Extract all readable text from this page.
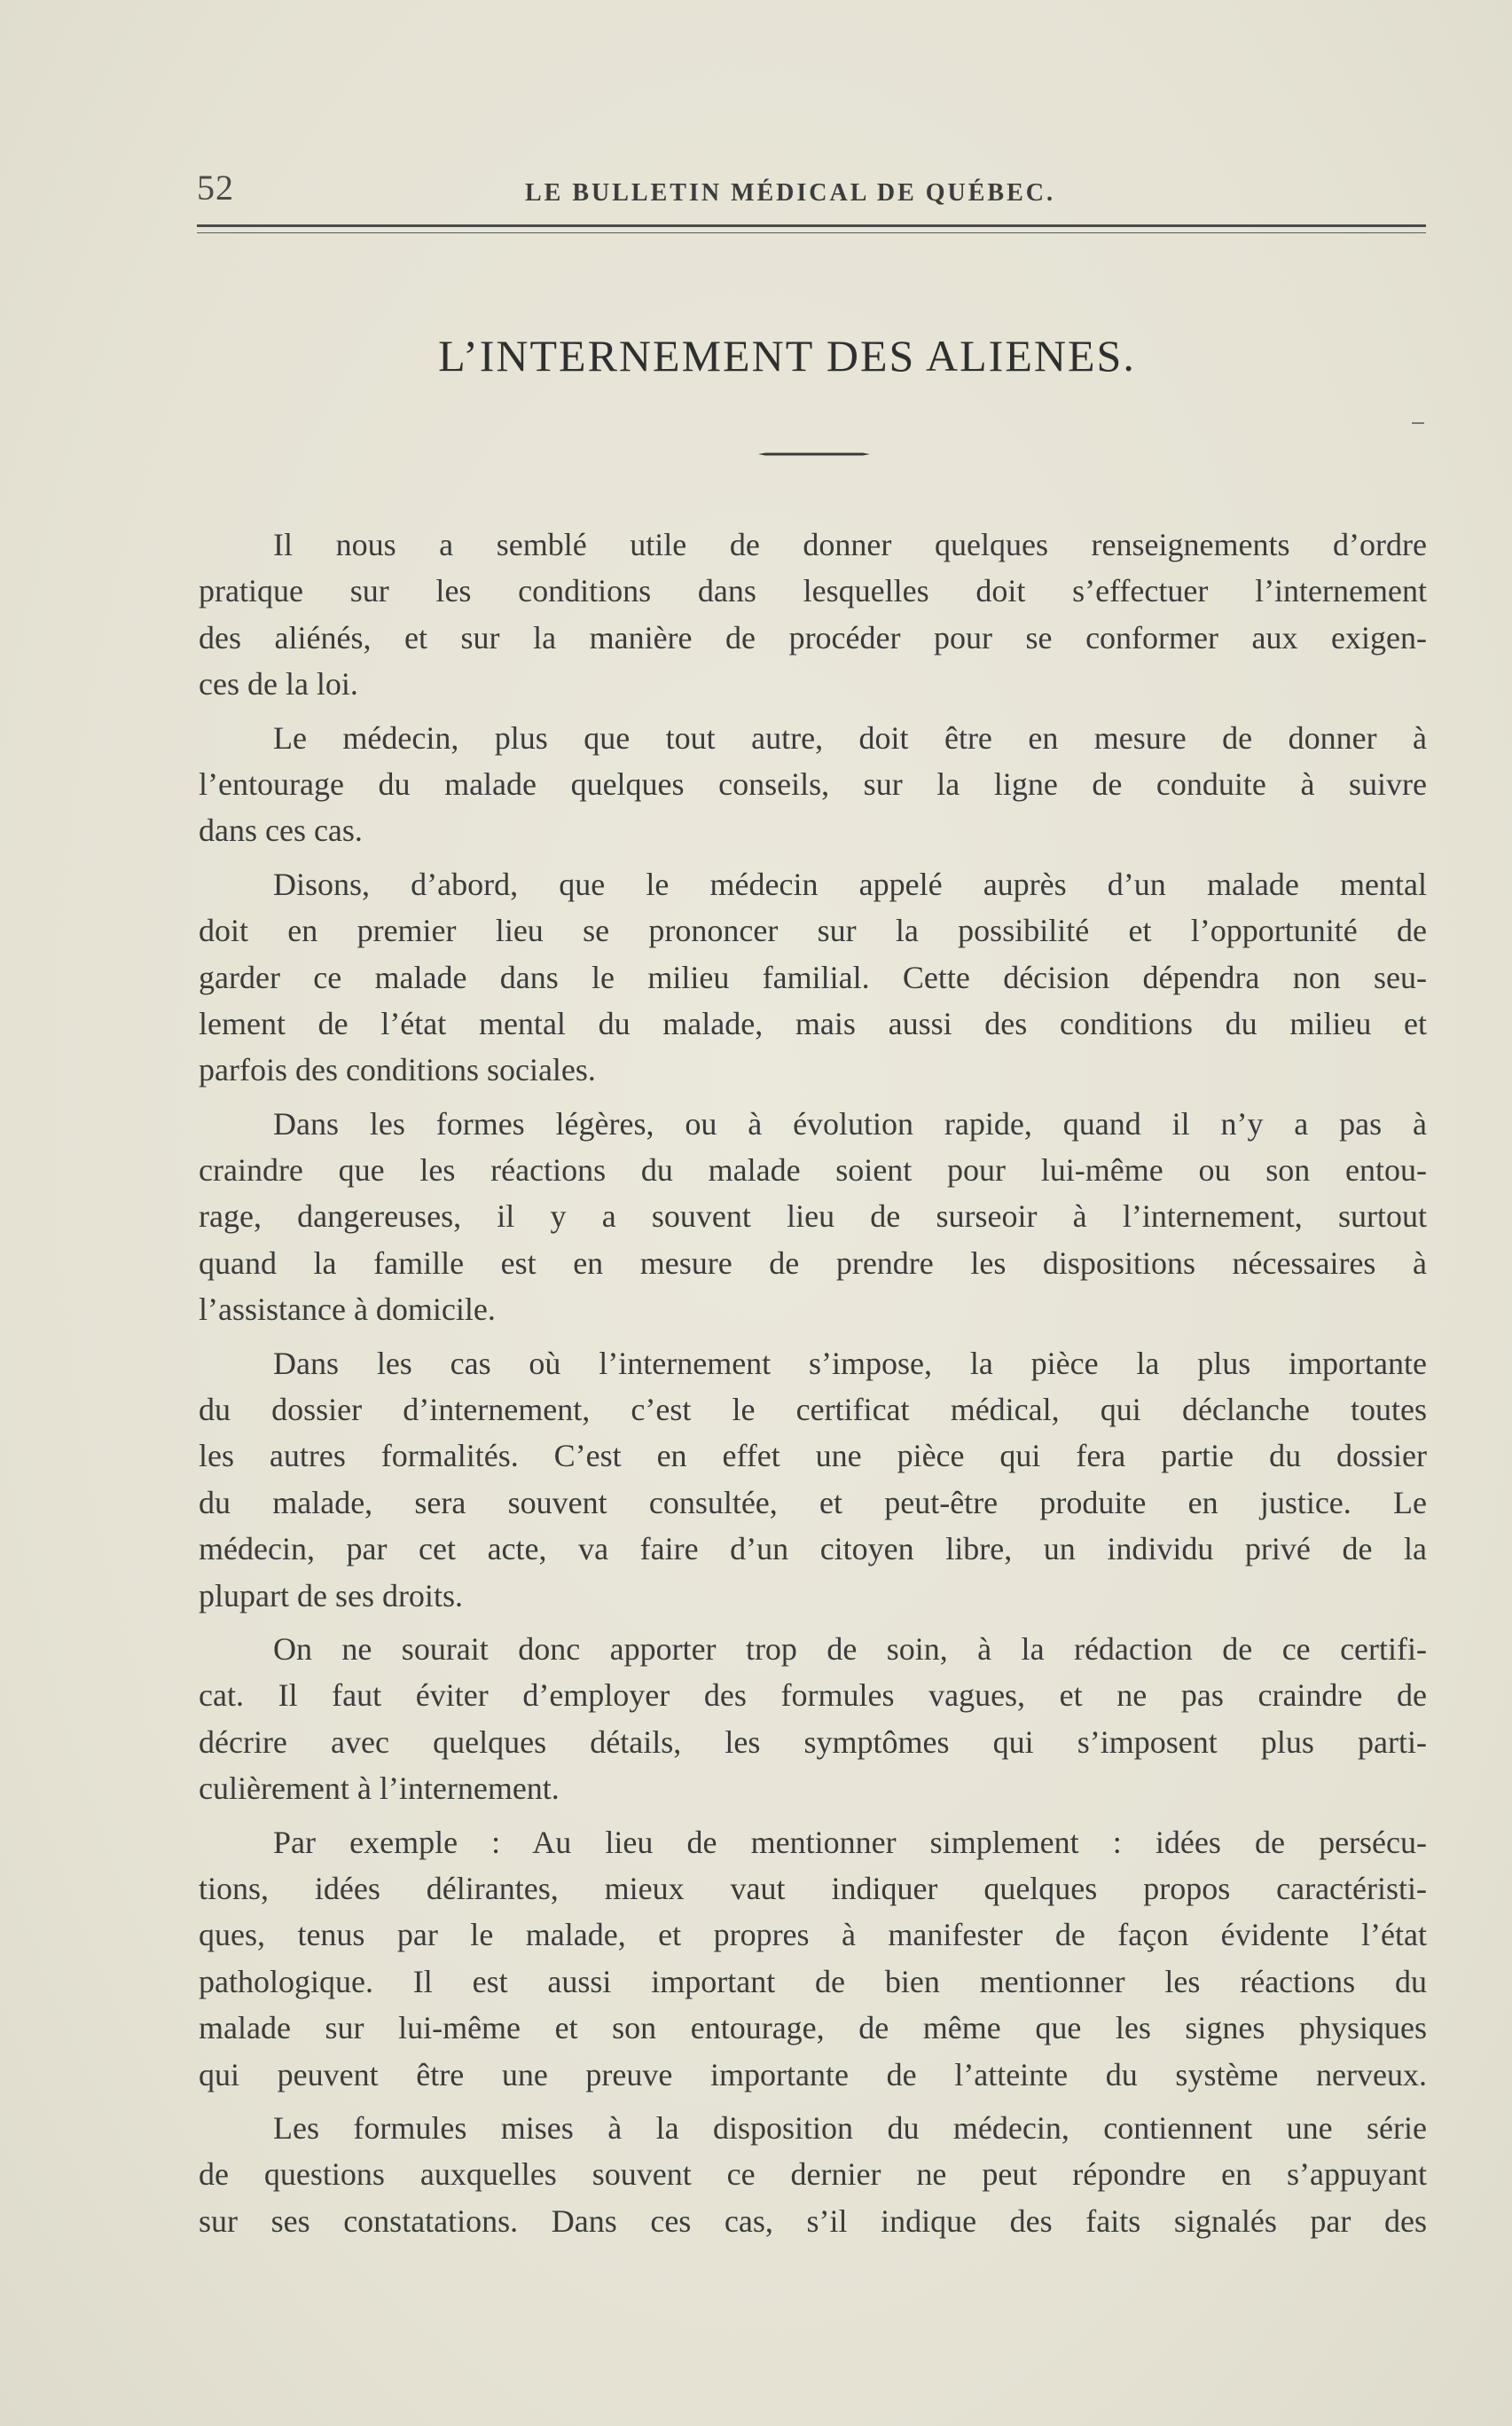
52	LE BULLETIN MÉDICAL DE QUÉBEC.
L’INTERNEMENT DES ALIENES.
Il nous a semblé utile de donner quelques renseignements d’ordre
pratique sur les conditions dans lesquelles doit s’effectuer l’internement
des aliénés, et sur la manière de procéder pour se conformer aux exigen-
ces de la loi.
Le médecin, plus que tout autre, doit être en mesure de donner à
l’entourage du malade quelques conseils, sur la ligne de conduite à suivre
dans ces cas.
Disons, d’abord, que le médecin appelé auprès d’un malade mental
doit en premier lieu se prononcer sur la possibilité et l’opportunité de
garder ce malade dans le milieu familial. Cette décision dépendra non seu-
lement de l’état mental du malade, mais aussi des conditions du milieu et
parfois des conditions sociales.
Dans les formes légères, ou à évolution rapide, quand il n’y a pas à
craindre que les réactions du malade soient pour lui-même ou son entou-
rage, dangereuses, il y a souvent lieu de surseoir à l’internement, surtout
quand la famille est en mesure de prendre les dispositions nécessaires à
l’assistance à domicile.
Dans les cas où l’internement s’impose, la pièce la plus importante
du dossier d’internement, c’est le certificat médical, qui déclanche toutes
les autres formalités. C’est en effet une pièce qui fera partie du dossier
du malade, sera souvent consultée, et peut-être produite en justice. Le
médecin, par cet acte, va faire d’un citoyen libre, un individu privé de la
plupart de ses droits.
On ne sourait donc apporter trop de soin, à la rédaction de ce certifi-
cat. Il faut éviter d’employer des formules vagues, et ne pas craindre de
décrire avec quelques détails, les symptômes qui s’imposent plus parti-
culièrement à l’internement.
Par exemple : Au lieu de mentionner simplement : idées de persécu-
tions, idées délirantes, mieux vaut indiquer quelques propos caractéristi-
ques, tenus par le malade, et propres à manifester de façon évidente l’état
pathologique. Il est aussi important de bien mentionner les réactions du
malade sur lui-même et son entourage, de même que les signes physiques
qui peuvent être une preuve importante de l’atteinte du système nerveux.
Les formules mises à la disposition du médecin, contiennent une série
de questions auxquelles souvent ce dernier ne peut répondre en s’appuyant
sur ses constatations. Dans ces cas, s’il indique des faits signalés par des
